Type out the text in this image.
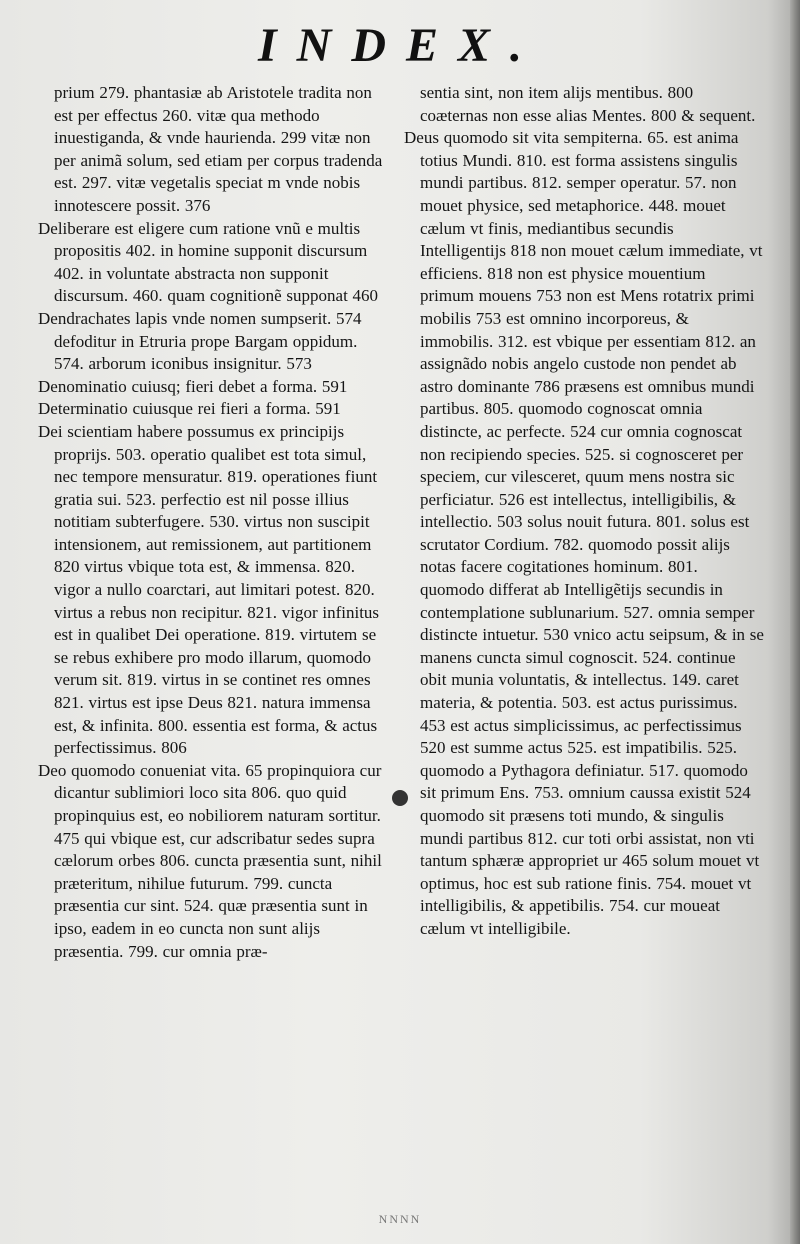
INDEX.

prium 279. phantasiæ ab Aristotele tradita non est per effectus 260. vitæ qua methodo inuestiganda, & vnde haurienda. 299 vitæ non per animã solum, sed etiam per corpus tradenda est. 297. vitæ vegetalis speciat m vnde nobis innotescere possit. 376

Deliberare est eligere cum ratione vnũ e multis propositis 402. in homine supponit discursum 402. in voluntate abstracta non supponit discursum. 460. quam cognitionẽ supponat 460

Dendrachates lapis vnde nomen sumpserit. 574 defoditur in Etruria prope Bargam oppidum. 574. arborum iconibus insignitur. 573

Denominatio cuiusq; fieri debet a forma. 591

Determinatio cuiusque rei fieri a forma. 591

Dei scientiam habere possumus ex principijs proprijs. 503. operatio qualibet est tota simul, nec tempore mensuratur. 819. operationes fiunt gratia sui. 523. perfectio est nil posse illius notitiam subterfugere. 530. virtus non suscipit intensionem, aut remissionem, aut partitionem 820 virtus vbique tota est, & immensa. 820. vigor a nullo coarctari, aut limitari potest. 820. virtus a rebus non recipitur. 821. vigor infinitus est in qualibet Dei operatione. 819. virtutem se se rebus exhibere pro modo illarum, quomodo verum sit. 819. virtus in se continet res omnes 821. virtus est ipse Deus 821. natura immensa est, & infinita. 800. essentia est forma, & actus perfectissimus. 806

Deo quomodo conueniat vita. 65 propinquiora cur dicantur sublimiori loco sita 806. quo quid propinquius est, eo nobiliorem naturam sortitur. 475 qui vbique est, cur adscribatur sedes supra cælorum orbes 806. cuncta præsentia sunt, nihil præteritum, nihilue futurum. 799. cuncta præsentia cur sint. 524. quæ præsentia sunt in ipso, eadem in eo cuncta non sunt alijs præsentia. 799. cur omnia præ-

sentia sint, non item alijs mentibus. 800 coæternas non esse alias Mentes. 800 & sequent.

Deus quomodo sit vita sempiterna. 65. est anima totius Mundi. 810. est forma assistens singulis mundi partibus. 812. semper operatur. 57. non mouet physice, sed metaphorice. 448. mouet cælum vt finis, mediantibus secundis Intelligentijs 818 non mouet cælum immediate, vt efficiens. 818 non est physice mouentium primum mouens 753 non est Mens rotatrix primi mobilis 753 est omnino incorporeus, & immobilis. 312. est vbique per essentiam 812. an assignãdo nobis angelo custode non pendet ab astro dominante 786 præsens est omnibus mundi partibus. 805. quomodo cognoscat omnia distincte, ac perfecte. 524 cur omnia cognoscat non recipiendo species. 525. si cognosceret per speciem, cur vilesceret, quum mens nostra sic perficiatur. 526 est intellectus, intelligibilis, & intellectio. 503 solus nouit futura. 801. solus est scrutator Cordium. 782. quomodo possit alijs notas facere cogitationes hominum. 801. quomodo differat ab Intelligẽtijs secundis in contemplatione sublunarium. 527. omnia semper distincte intuetur. 530 vnico actu seipsum, & in se manens cuncta simul cognoscit. 524. continue obit munia voluntatis, & intellectus. 149. caret materia, & potentia. 503. est actus purissimus. 453 est actus simplicissimus, ac perfectissimus 520 est summe actus 525. est impatibilis. 525. quomodo a Pythagora definiatur. 517. quomodo sit primum Ens. 753. omnium caussa existit 524 quomodo sit præsens toti mundo, & singulis mundi partibus 812. cur toti orbi assistat, non vti tantum sphæræ appropriet ur 465 solum mouet vt optimus, hoc est sub ratione finis. 754. mouet vt intelligibilis, & appetibilis. 754. cur moueat cælum vt intelligibile.

NNNN
